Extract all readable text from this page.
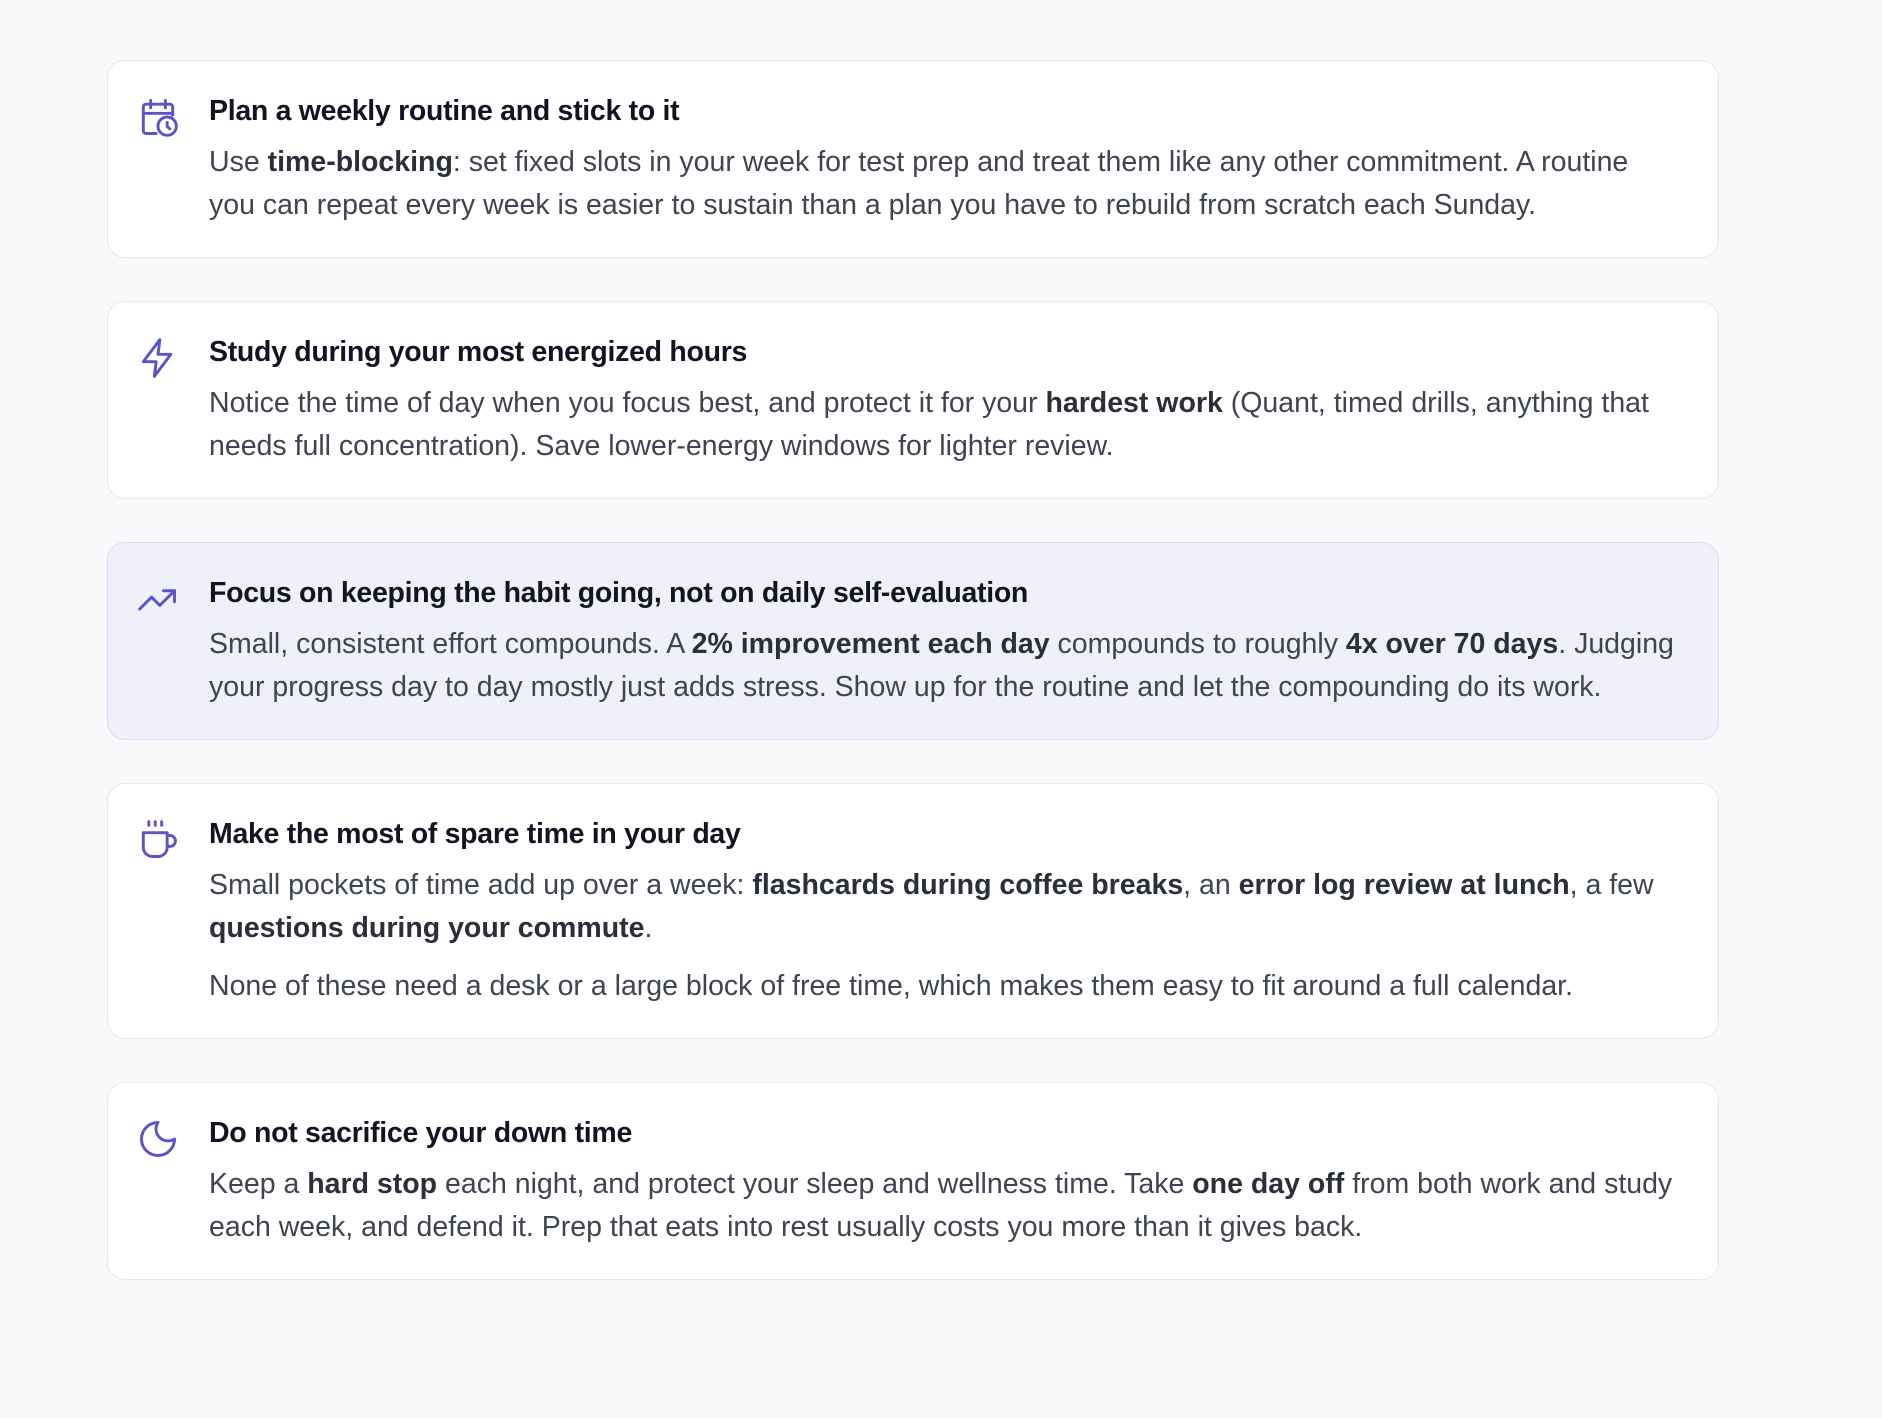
Plan a weekly routine and stick to it

Use time-blocking: set fixed slots in your week for test prep and treat them like any other commitment. A routine you can repeat every week is easier to sustain than a plan you have to rebuild from scratch each Sunday.

Study during your most energized hours

Notice the time of day when you focus best, and protect it for your hardest work (Quant, timed drills, anything that needs full concentration). Save lower-energy windows for lighter review.

Focus on keeping the habit going, not on daily self-evaluation

Small, consistent effort compounds. A 2% improvement each day compounds to roughly 4x over 70 days. Judging your progress day to day mostly just adds stress. Show up for the routine and let the compounding do its work.

Make the most of spare time in your day

Small pockets of time add up over a week: flashcards during coffee breaks, an error log review at lunch, a few questions during your commute.

None of these need a desk or a large block of free time, which makes them easy to fit around a full calendar.

Do not sacrifice your down time

Keep a hard stop each night, and protect your sleep and wellness time. Take one day off from both work and study each week, and defend it. Prep that eats into rest usually costs you more than it gives back.
